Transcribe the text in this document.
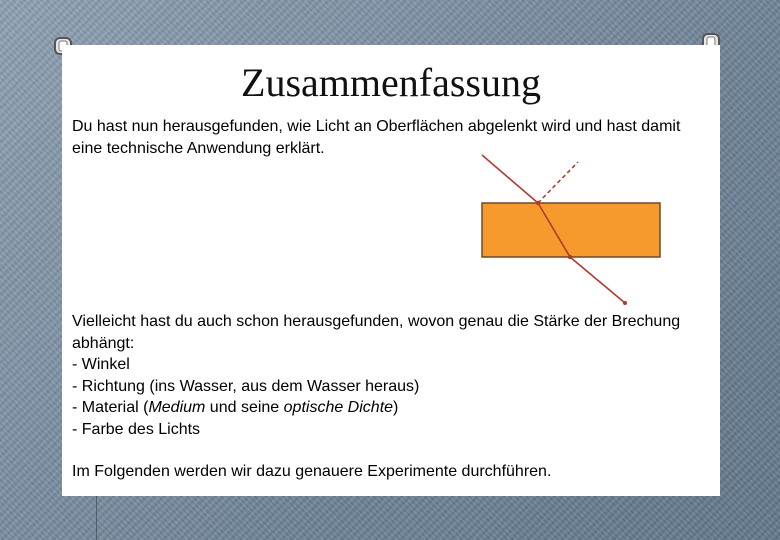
Zusammenfassung

Du hast nun herausgefunden, wie Licht an Oberflächen abgelenkt wird und hast damit eine technische Anwendung erklärt.

Vielleicht hast du auch schon herausgefunden, wovon genau die Stärke der Brechung abhängt:
- Winkel
- Richtung (ins Wasser, aus dem Wasser heraus)
- Material (Medium und seine optische Dichte)
- Farbe des Lichts

Im Folgenden werden wir dazu genauere Experimente durchführen.
